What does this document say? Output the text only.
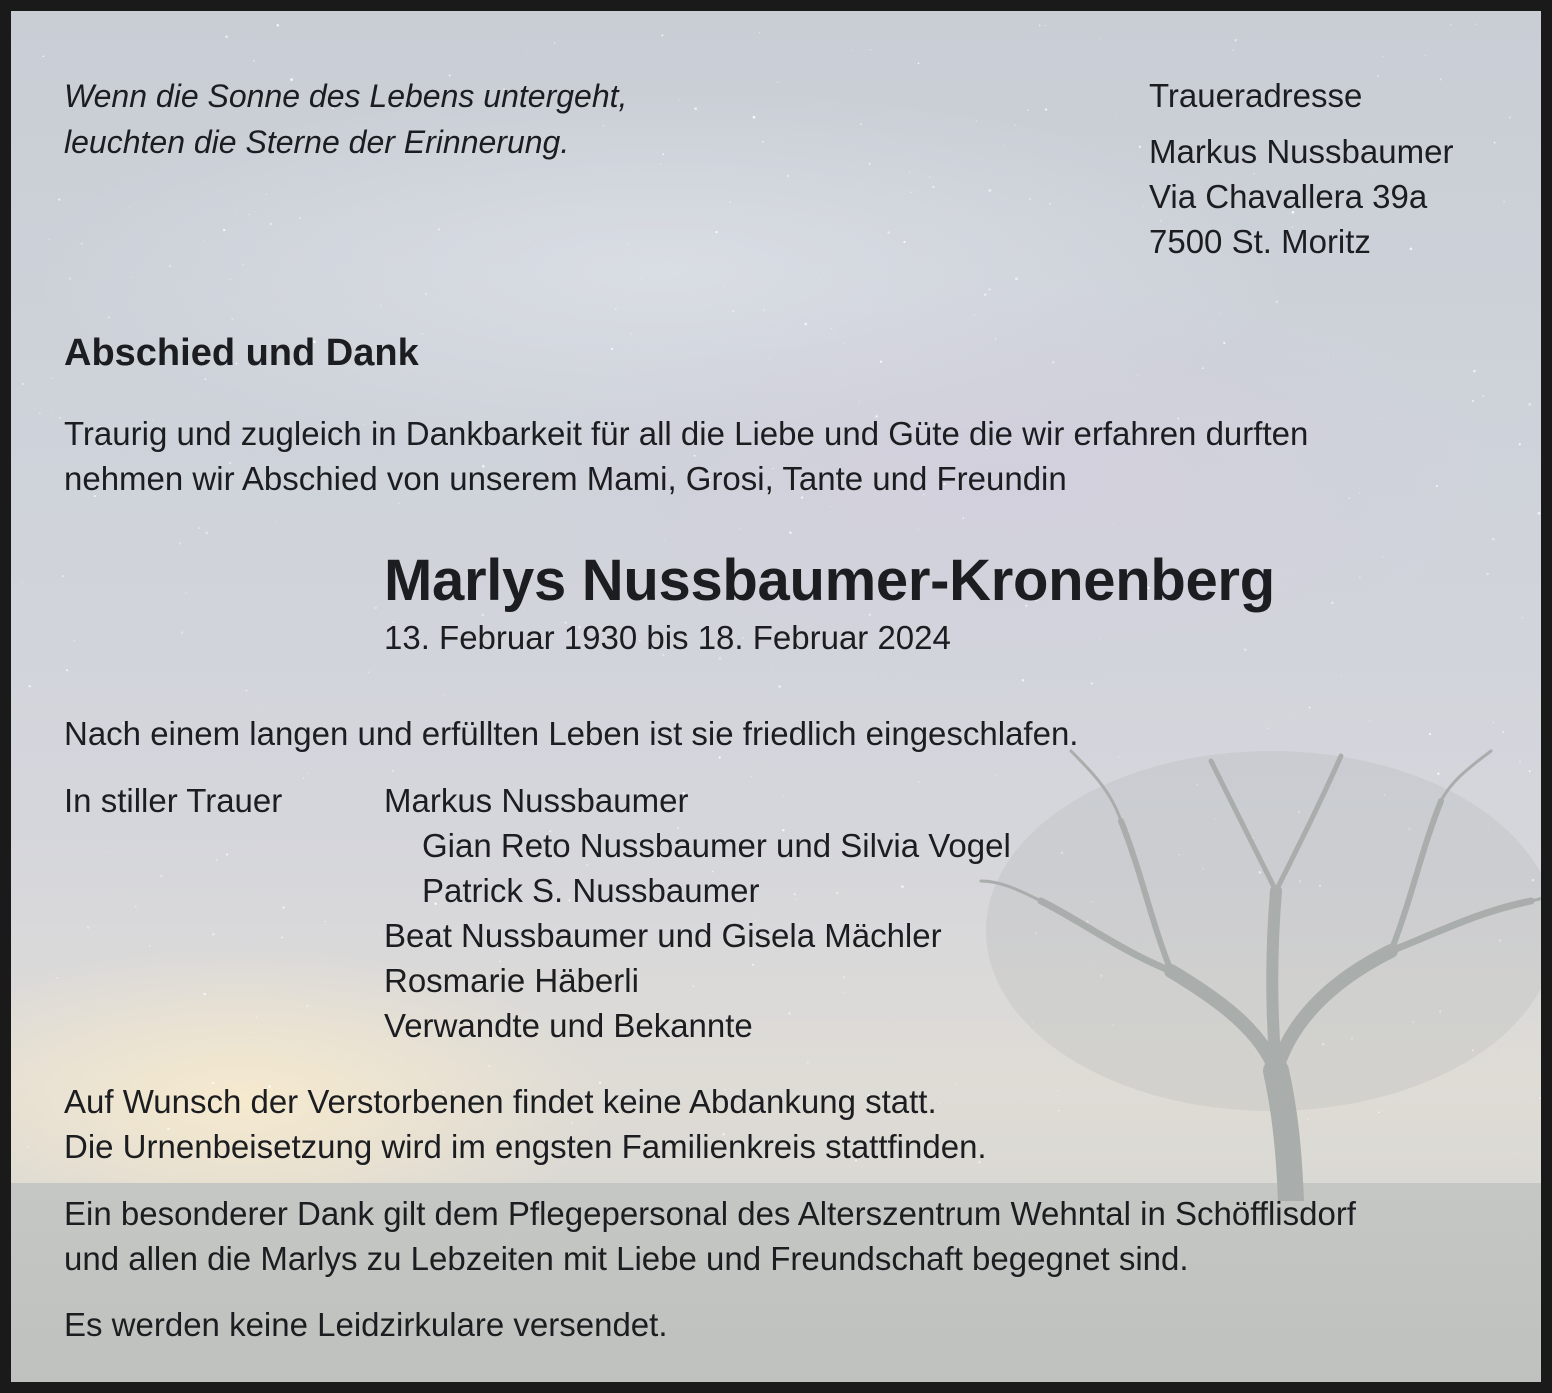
Wenn die Sonne des Lebens untergeht,
leuchten die Sterne der Erinnerung.
Traueradresse
Markus Nussbaumer
Via Chavallera 39a
7500 St. Moritz
Abschied und Dank
Traurig und zugleich in Dankbarkeit für all die Liebe und Güte die wir erfahren durften
nehmen wir Abschied von unserem Mami, Grosi, Tante und Freundin
Marlys Nussbaumer-Kronenberg
13. Februar 1930 bis 18. Februar 2024
Nach einem langen und erfüllten Leben ist sie friedlich eingeschlafen.
In stiller Trauer	Markus Nussbaumer
Gian Reto Nussbaumer und Silvia Vogel
Patrick S. Nussbaumer
Beat Nussbaumer und Gisela Mächler
Rosmarie Häberli
Verwandte und Bekannte
Auf Wunsch der Verstorbenen findet keine Abdankung statt.
Die Urnenbeisetzung wird im engsten Familienkreis stattfinden.
Ein besonderer Dank gilt dem Pflegepersonal des Alterszentrum Wehntal in Schöfflisdorf
und allen die Marlys zu Lebzeiten mit Liebe und Freundschaft begegnet sind.
Es werden keine Leidzirkulare versendet.
